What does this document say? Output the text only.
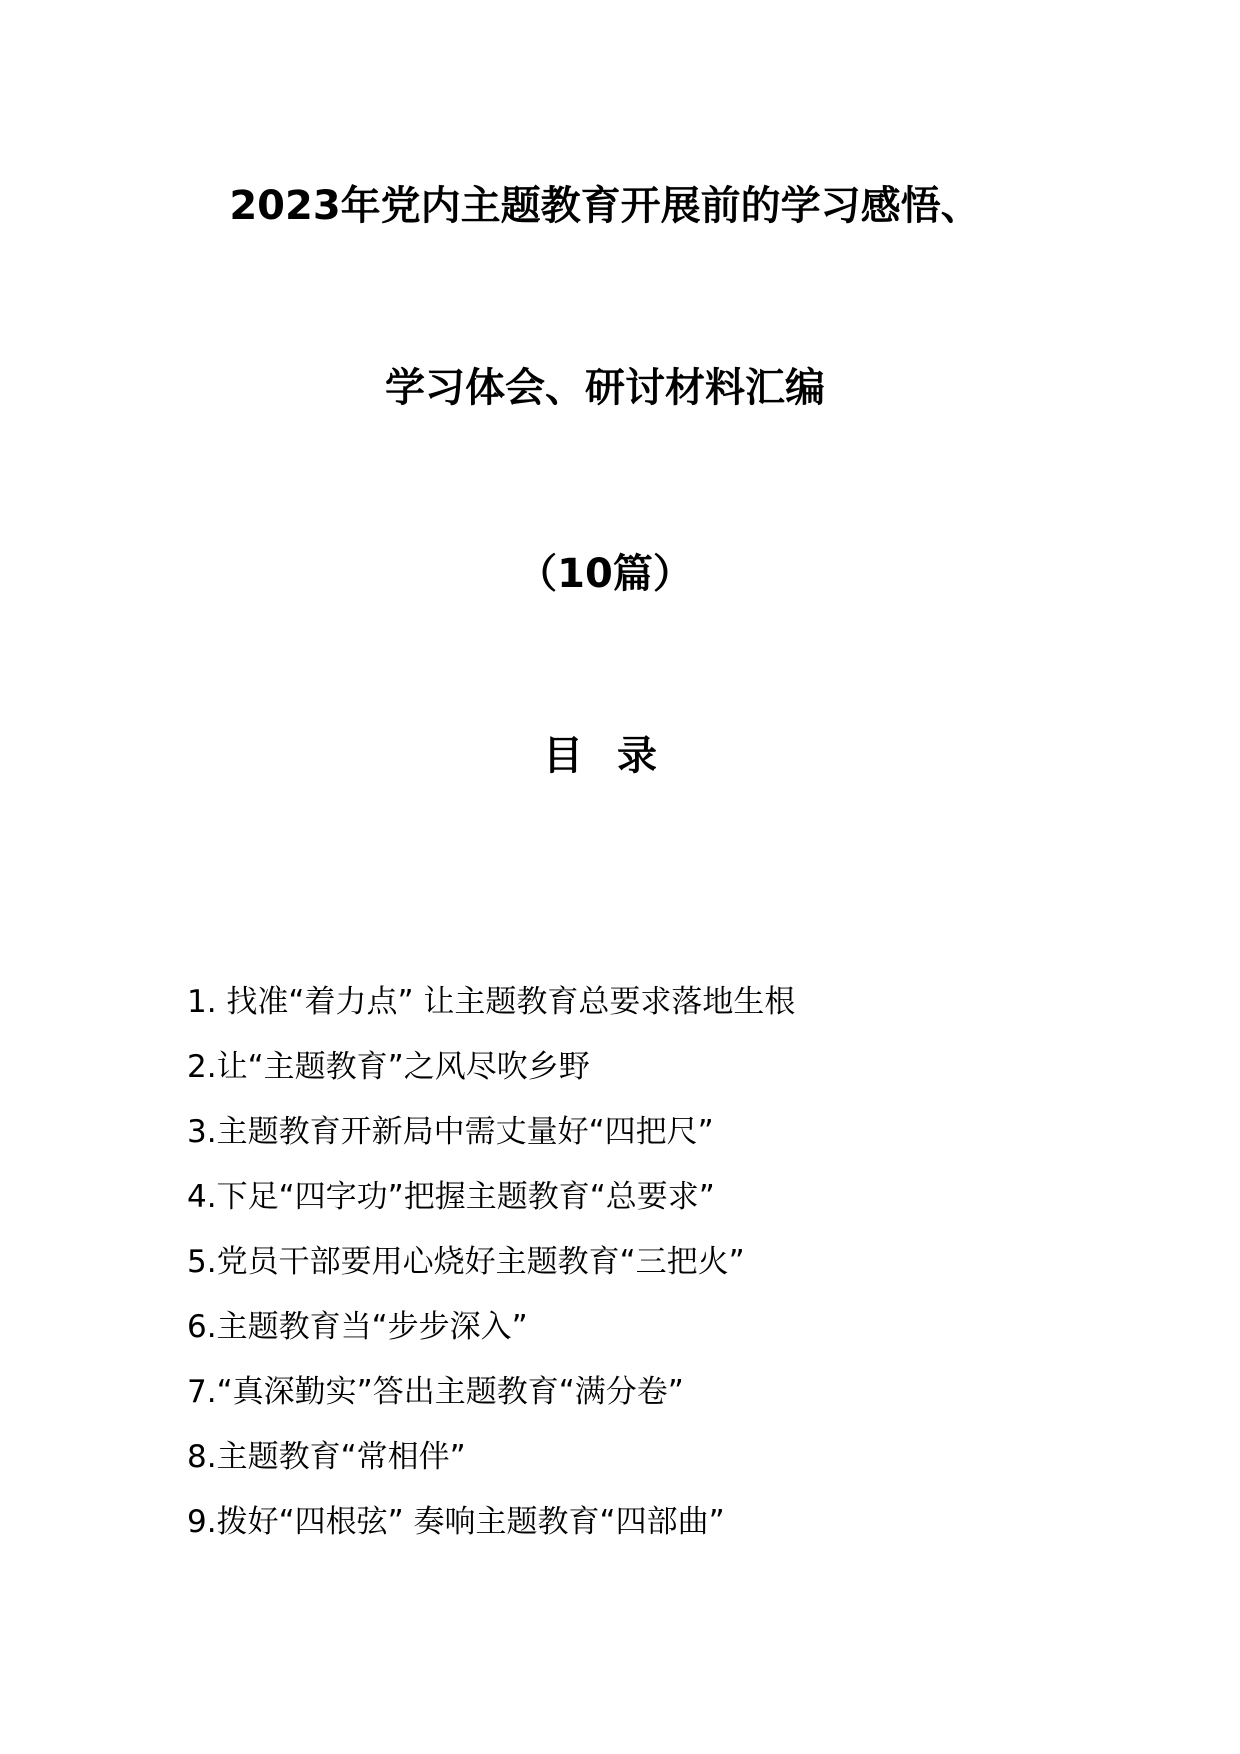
2023年党内主题教育开展前的学习感悟、
学习体会、研讨材料汇编
（10篇）
目 录
1. 找准“着力点” 让主题教育总要求落地生根
2.让“主题教育”之风尽吹乡野
3.主题教育开新局中需丈量好“四把尺”
4.下足“四字功”把握主题教育“总要求”
5.党员干部要用心烧好主题教育“三把火”
6.主题教育当“步步深入”
7.“真深勤实”答出主题教育“满分卷”
8.主题教育“常相伴”
9.拨好“四根弦” 奏响主题教育“四部曲”
